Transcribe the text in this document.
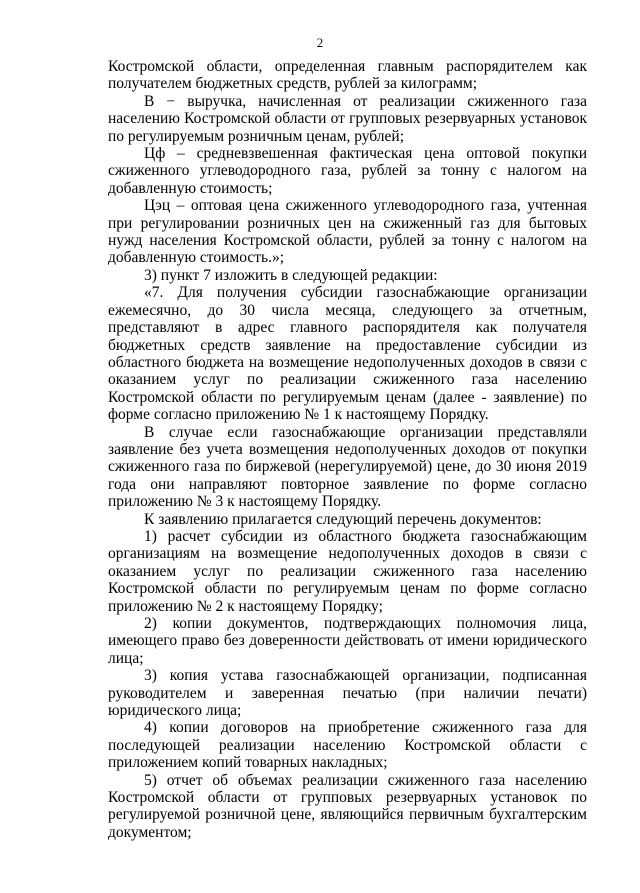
2

Костромской области, определенная главным распорядителем как получателем бюджетных средств, рублей за килограмм;

В − выручка, начисленная от реализации сжиженного газа населению Костромской области от групповых резервуарных установок по регулируемым розничным ценам, рублей;

Цф – средневзвешенная фактическая цена оптовой покупки сжиженного углеводородного газа, рублей за тонну с налогом на добавленную стоимость;

Цэц – оптовая цена сжиженного углеводородного газа, учтенная при регулировании розничных цен на сжиженный газ для бытовых нужд населения Костромской области, рублей за тонну с налогом на добавленную стоимость.»;

3) пункт 7 изложить в следующей редакции:

«7. Для получения субсидии газоснабжающие организации ежемесячно, до 30 числа месяца, следующего за отчетным, представляют в адрес главного распорядителя как получателя бюджетных средств заявление на предоставление субсидии из областного бюджета на возмещение недополученных доходов в связи с оказанием услуг по реализации сжиженного газа населению Костромской области по регулируемым ценам (далее - заявление) по форме согласно приложению № 1 к настоящему Порядку.

В случае если газоснабжающие организации представляли заявление без учета возмещения недополученных доходов от покупки сжиженного газа по биржевой (нерегулируемой) цене, до 30 июня 2019 года они направляют повторное заявление по форме согласно приложению № 3 к настоящему Порядку.

К заявлению прилагается следующий перечень документов:

1) расчет субсидии из областного бюджета газоснабжающим организациям на возмещение недополученных доходов в связи с оказанием услуг по реализации сжиженного газа населению Костромской области по регулируемым ценам по форме согласно приложению № 2 к настоящему Порядку;

2) копии документов, подтверждающих полномочия лица, имеющего право без доверенности действовать от имени юридического лица;

3) копия устава газоснабжающей организации, подписанная руководителем и заверенная печатью (при наличии печати) юридического лица;

4) копии договоров на приобретение сжиженного газа для последующей реализации населению Костромской области с приложением копий товарных накладных;

5) отчет об объемах реализации сжиженного газа населению Костромской области от групповых резервуарных установок по регулируемой розничной цене, являющийся первичным бухгалтерским документом;
